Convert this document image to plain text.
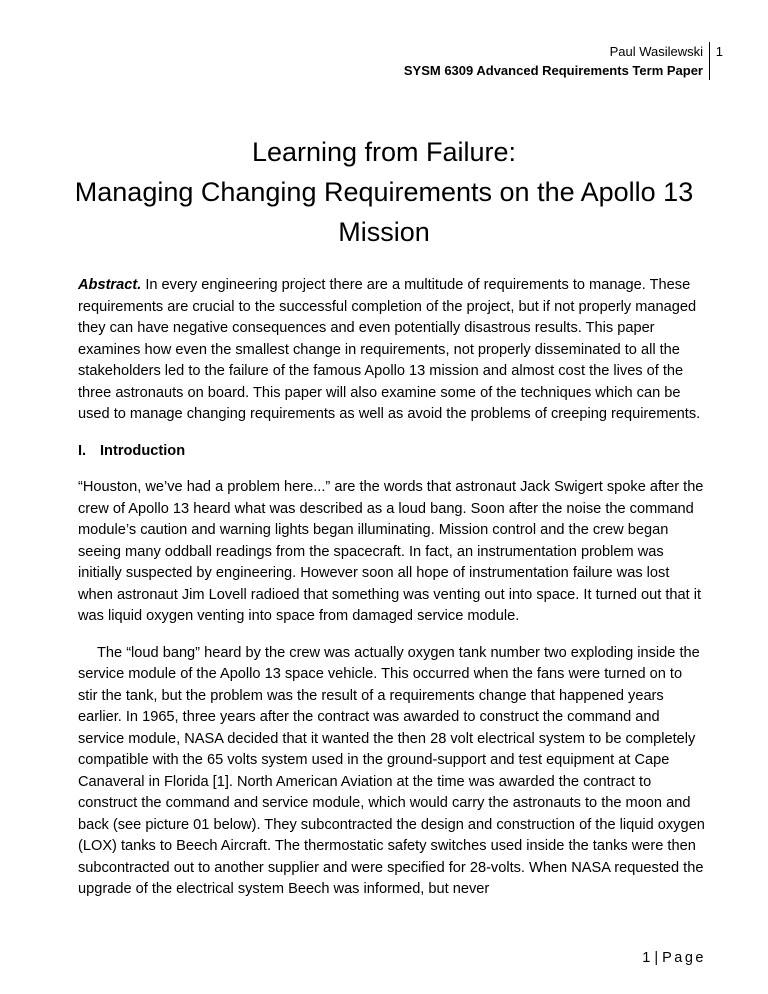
Paul Wasilewski
SYSM 6309 Advanced Requirements Term Paper
1
Learning from Failure:
Managing Changing Requirements on the Apollo 13
Mission

Abstract. In every engineering project there are a multitude of requirements to manage. These requirements are crucial to the successful completion of the project, but if not properly managed they can have negative consequences and even potentially disastrous results. This paper examines how even the smallest change in requirements, not properly disseminated to all the stakeholders led to the failure of the famous Apollo 13 mission and almost cost the lives of the three astronauts on board. This paper will also examine some of the techniques which can be used to manage changing requirements as well as avoid the problems of creeping requirements.

I. Introduction

“Houston, we’ve had a problem here...” are the words that astronaut Jack Swigert spoke after the crew of Apollo 13 heard what was described as a loud bang. Soon after the noise the command module’s caution and warning lights began illuminating. Mission control and the crew began seeing many oddball readings from the spacecraft. In fact, an instrumentation problem was initially suspected by engineering. However soon all hope of instrumentation failure was lost when astronaut Jim Lovell radioed that something was venting out into space. It turned out that it was liquid oxygen venting into space from damaged service module.

The “loud bang” heard by the crew was actually oxygen tank number two exploding inside the service module of the Apollo 13 space vehicle. This occurred when the fans were turned on to stir the tank, but the problem was the result of a requirements change that happened years earlier. In 1965, three years after the contract was awarded to construct the command and service module, NASA decided that it wanted the then 28 volt electrical system to be completely compatible with the 65 volts system used in the ground-support and test equipment at Cape Canaveral in Florida [1]. North American Aviation at the time was awarded the contract to construct the command and service module, which would carry the astronauts to the moon and back (see picture 01 below). They subcontracted the design and construction of the liquid oxygen (LOX) tanks to Beech Aircraft. The thermostatic safety switches used inside the tanks were then subcontracted out to another supplier and were specified for 28-volts. When NASA requested the upgrade of the electrical system Beech was informed, but never

1 | Page
